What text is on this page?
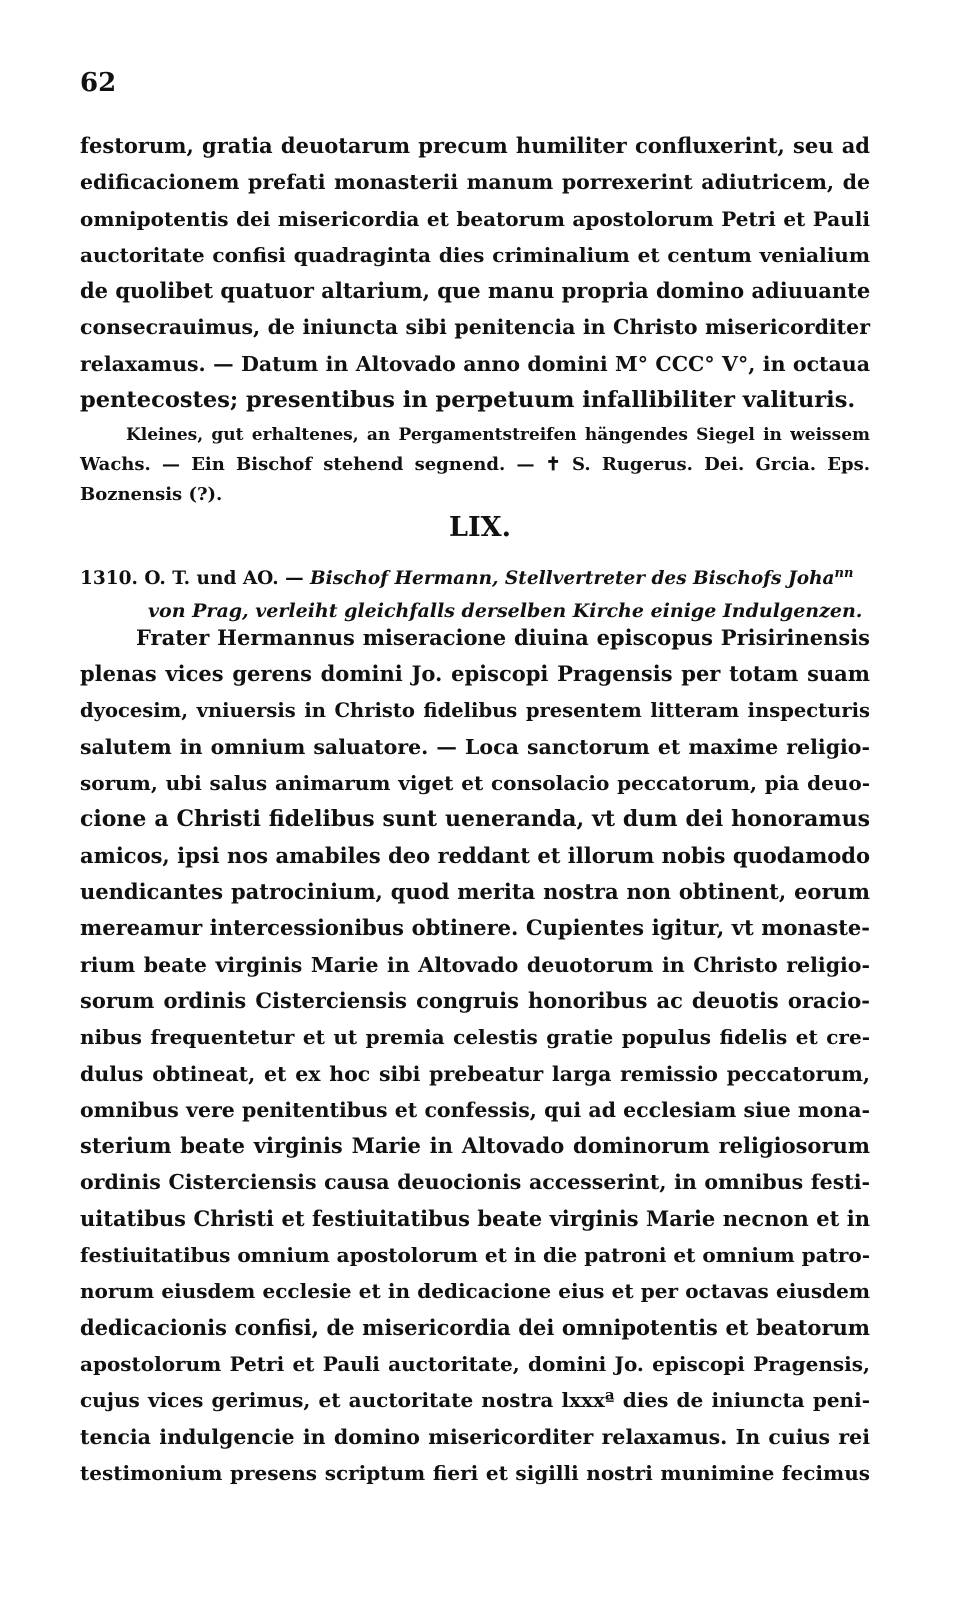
62

festorum, gratia deuotarum precum humiliter confluxerint, seu ad
edificacionem prefati monasterii manum porrexerint adiutricem, de
omnipotentis dei misericordia et beatorum apostolorum Petri et Pauli
auctoritate confisi quadraginta dies criminalium et centum venialium
de quolibet quatuor altarium, que manu propria domino adiuuante
consecrauimus, de iniuncta sibi penitencia in Christo misericorditer
relaxamus. — Datum in Altovado anno domini M° CCC° V°, in octaua
pentecostes; presentibus in perpetuum infallibiliter valituris.
Kleines, gut erhaltenes, an Pergamentstreifen hängendes Siegel in weissem
Wachs. — Ein Bischof stehend segnend. — ✝ S. Rugerus. Dei. Grcia. Eps.
Boznensis (?).

LIX.

1310. O. T. und AO. — Bischof Hermann, Stellvertreter des Bischofs Joha$^{nn}$
von Prag, verleiht gleichfalls derselben Kirche einige Indulgenzen.

Frater Hermannus miseracione diuina episcopus Prisirinensis
plenas vices gerens domini Jo. episcopi Pragensis per totam suam
dyocesim, vniuersis in Christo fidelibus presentem litteram inspecturis
salutem in omnium saluatore. — Loca sanctorum et maxime religio-
sorum, ubi salus animarum viget et consolacio peccatorum, pia deuo-
cione a Christi fidelibus sunt ueneranda, vt dum dei honoramus
amicos, ipsi nos amabiles deo reddant et illorum nobis quodamodo
uendicantes patrocinium, quod merita nostra non obtinent, eorum
mereamur intercessionibus obtinere. Cupientes igitur, vt monaste-
rium beate virginis Marie in Altovado deuotorum in Christo religio-
sorum ordinis Cisterciensis congruis honoribus ac deuotis oracio-
nibus frequentetur et ut premia celestis gratie populus fidelis et cre-
dulus obtineat, et ex hoc sibi prebeatur larga remissio peccatorum,
omnibus vere penitentibus et confessis, qui ad ecclesiam siue mona-
sterium beate virginis Marie in Altovado dominorum religiosorum
ordinis Cisterciensis causa deuocionis accesserint, in omnibus festi-
uitatibus Christi et festiuitatibus beate virginis Marie necnon et in
festiuitatibus omnium apostolorum et in die patroni et omnium patro-
norum eiusdem ecclesie et in dedicacione eius et per octavas eiusdem
dedicacionis confisi, de misericordia dei omnipotentis et beatorum
apostolorum Petri et Pauli auctoritate, domini Jo. episcopi Pragensis,
cujus vices gerimus, et auctoritate nostra lxxxª dies de iniuncta peni-
tencia indulgencie in domino misericorditer relaxamus. In cuius rei
testimonium presens scriptum fieri et sigilli nostri munimine fecimus
